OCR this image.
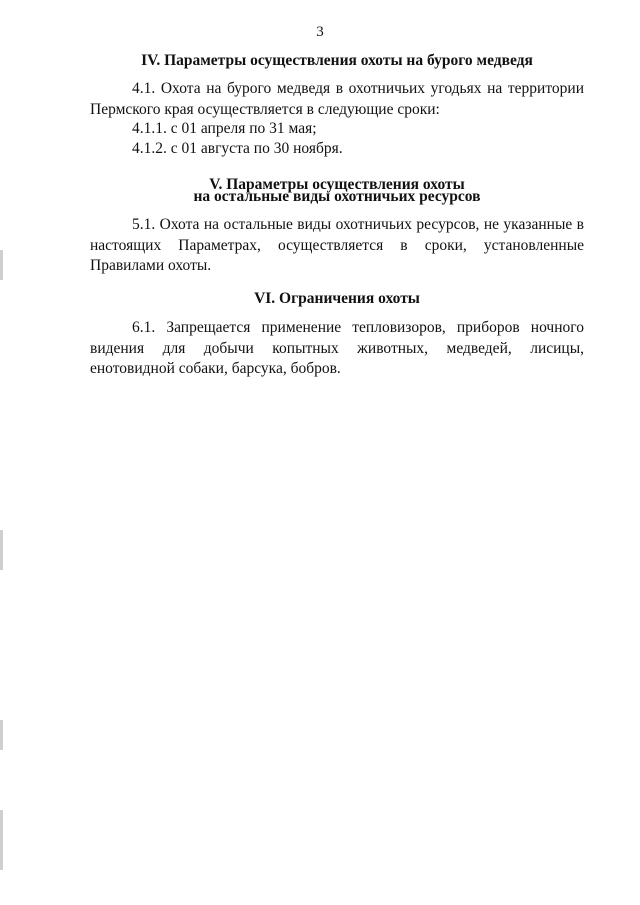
3
IV. Параметры осуществления охоты на бурого медведя
4.1. Охота на бурого медведя в охотничьих угодьях на территории Пермского края осуществляется в следующие сроки:
4.1.1. с 01 апреля по 31 мая;
4.1.2. с 01 августа по 30 ноября.
V. Параметры осуществления охоты
на остальные виды охотничьих ресурсов
5.1. Охота на остальные виды охотничьих ресурсов, не указанные в настоящих Параметрах, осуществляется в сроки, установленные Правилами охоты.
VI. Ограничения охоты
6.1. Запрещается применение тепловизоров, приборов ночного видения для добычи копытных животных, медведей, лисицы, енотовидной собаки, барсука, бобров.
